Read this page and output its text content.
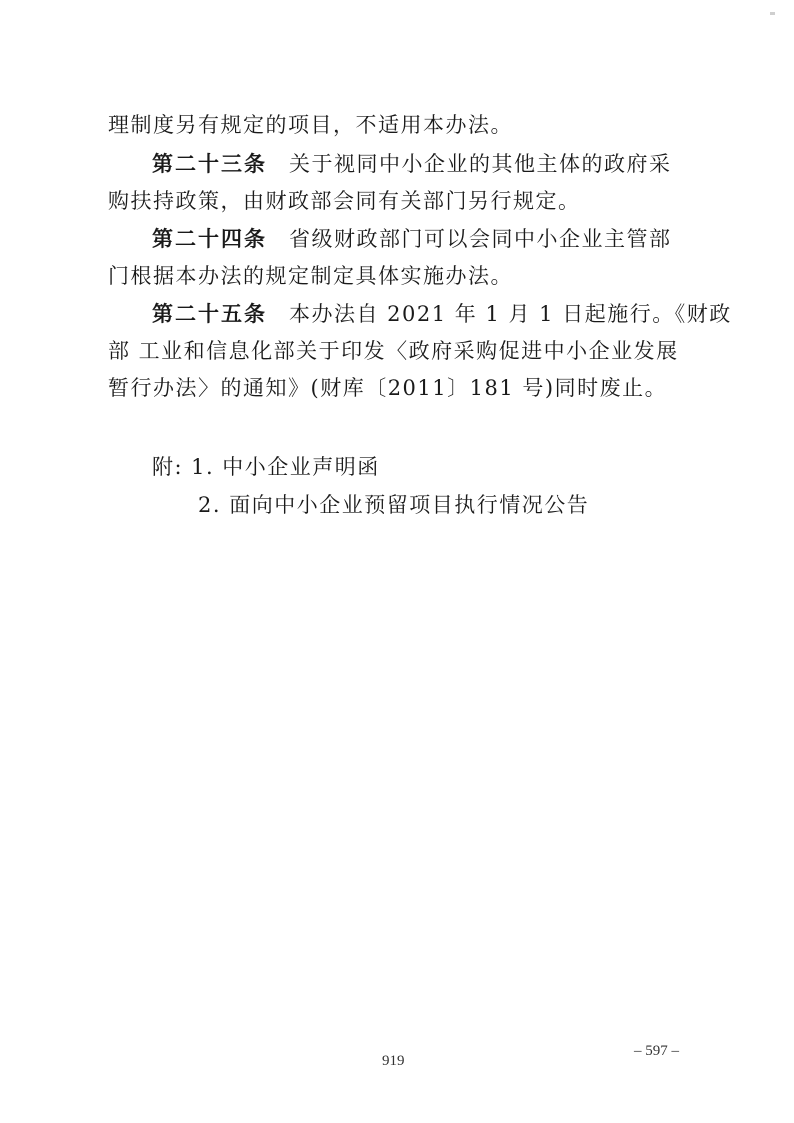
理制度另有规定的项目，不适用本办法。
第二十三条 关于视同中小企业的其他主体的政府采
购扶持政策，由财政部会同有关部门另行规定。
第二十四条 省级财政部门可以会同中小企业主管部
门根据本办法的规定制定具体实施办法。
第二十五条 本办法自 2021 年 1 月 1 日起施行。《财政
部 工业和信息化部关于印发〈政府采购促进中小企业发展
暂行办法〉的通知》(财库〔2011〕181 号)同时废止。
附: 1. 中小企业声明函
2. 面向中小企业预留项目执行情况公告
919
– 597 –
